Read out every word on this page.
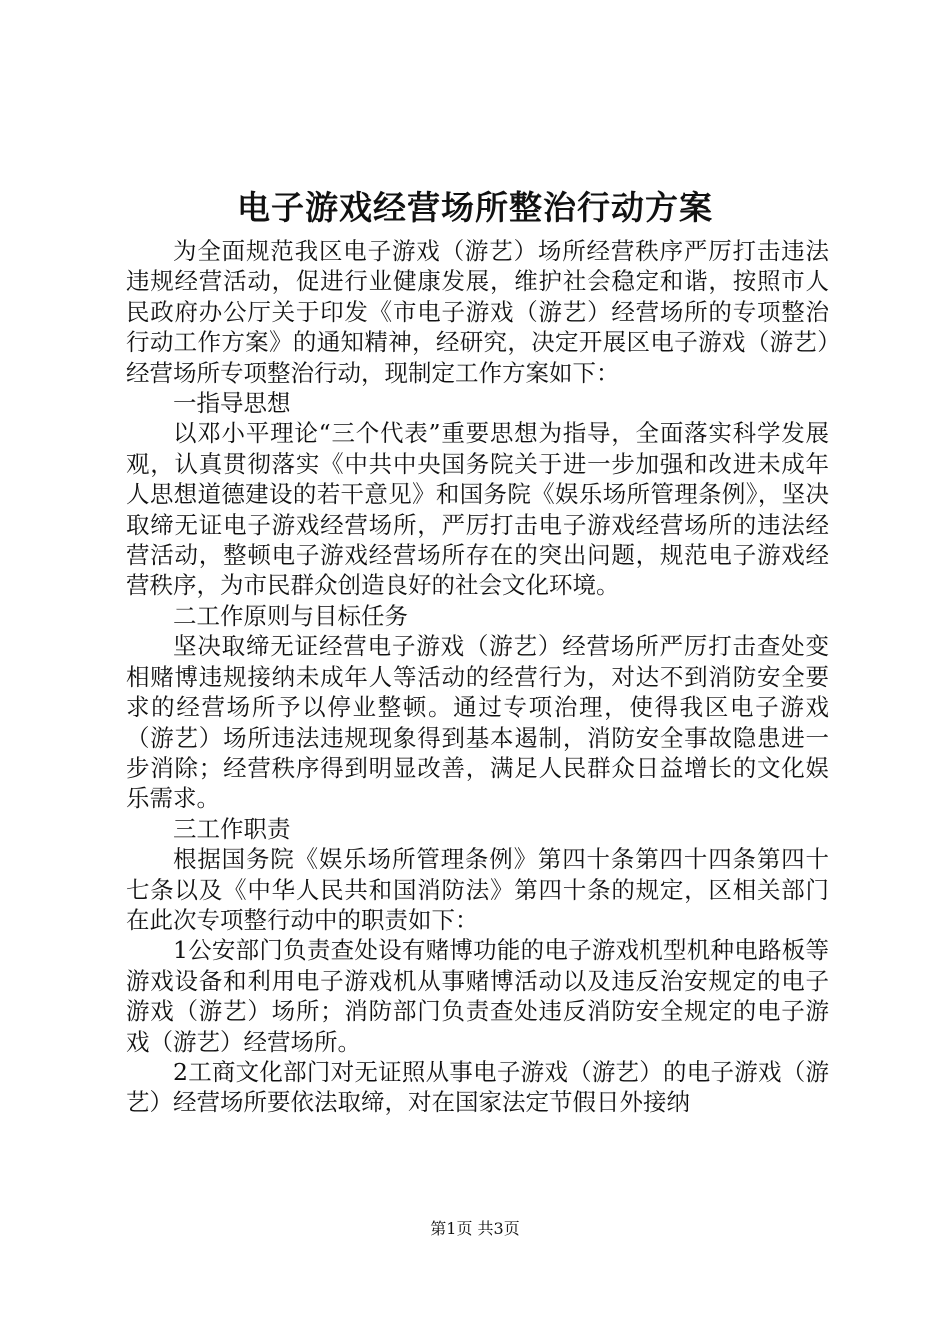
电子游戏经营场所整治行动方案

为全面规范我区电子游戏（游艺）场所经营秩序严厉打击违法违规经营活动，促进行业健康发展，维护社会稳定和谐，按照市人民政府办公厅关于印发《市电子游戏（游艺）经营场所的专项整治行动工作方案》的通知精神，经研究，决定开展区电子游戏（游艺）经营场所专项整治行动，现制定工作方案如下：

一指导思想

以邓小平理论“三个代表”重要思想为指导，全面落实科学发展观，认真贯彻落实《中共中央国务院关于进一步加强和改进未成年人思想道德建设的若干意见》和国务院《娱乐场所管理条例》，坚决取缔无证电子游戏经营场所，严厉打击电子游戏经营场所的违法经营活动，整顿电子游戏经营场所存在的突出问题，规范电子游戏经营秩序，为市民群众创造良好的社会文化环境。

二工作原则与目标任务

坚决取缔无证经营电子游戏（游艺）经营场所严厉打击查处变相赌博违规接纳未成年人等活动的经营行为，对达不到消防安全要求的经营场所予以停业整顿。通过专项治理，使得我区电子游戏（游艺）场所违法违规现象得到基本遏制，消防安全事故隐患进一步消除；经营秩序得到明显改善，满足人民群众日益增长的文化娱乐需求。

三工作职责

根据国务院《娱乐场所管理条例》第四十条第四十四条第四十七条以及《中华人民共和国消防法》第四十条的规定，区相关部门在此次专项整行动中的职责如下：

1公安部门负责查处设有赌博功能的电子游戏机型机种电路板等游戏设备和利用电子游戏机从事赌博活动以及违反治安规定的电子游戏（游艺）场所；消防部门负责查处违反消防安全规定的电子游戏（游艺）经营场所。

2工商文化部门对无证照从事电子游戏（游艺）的电子游戏（游艺）经营场所要依法取缔，对在国家法定节假日外接纳

第1页 共3页
